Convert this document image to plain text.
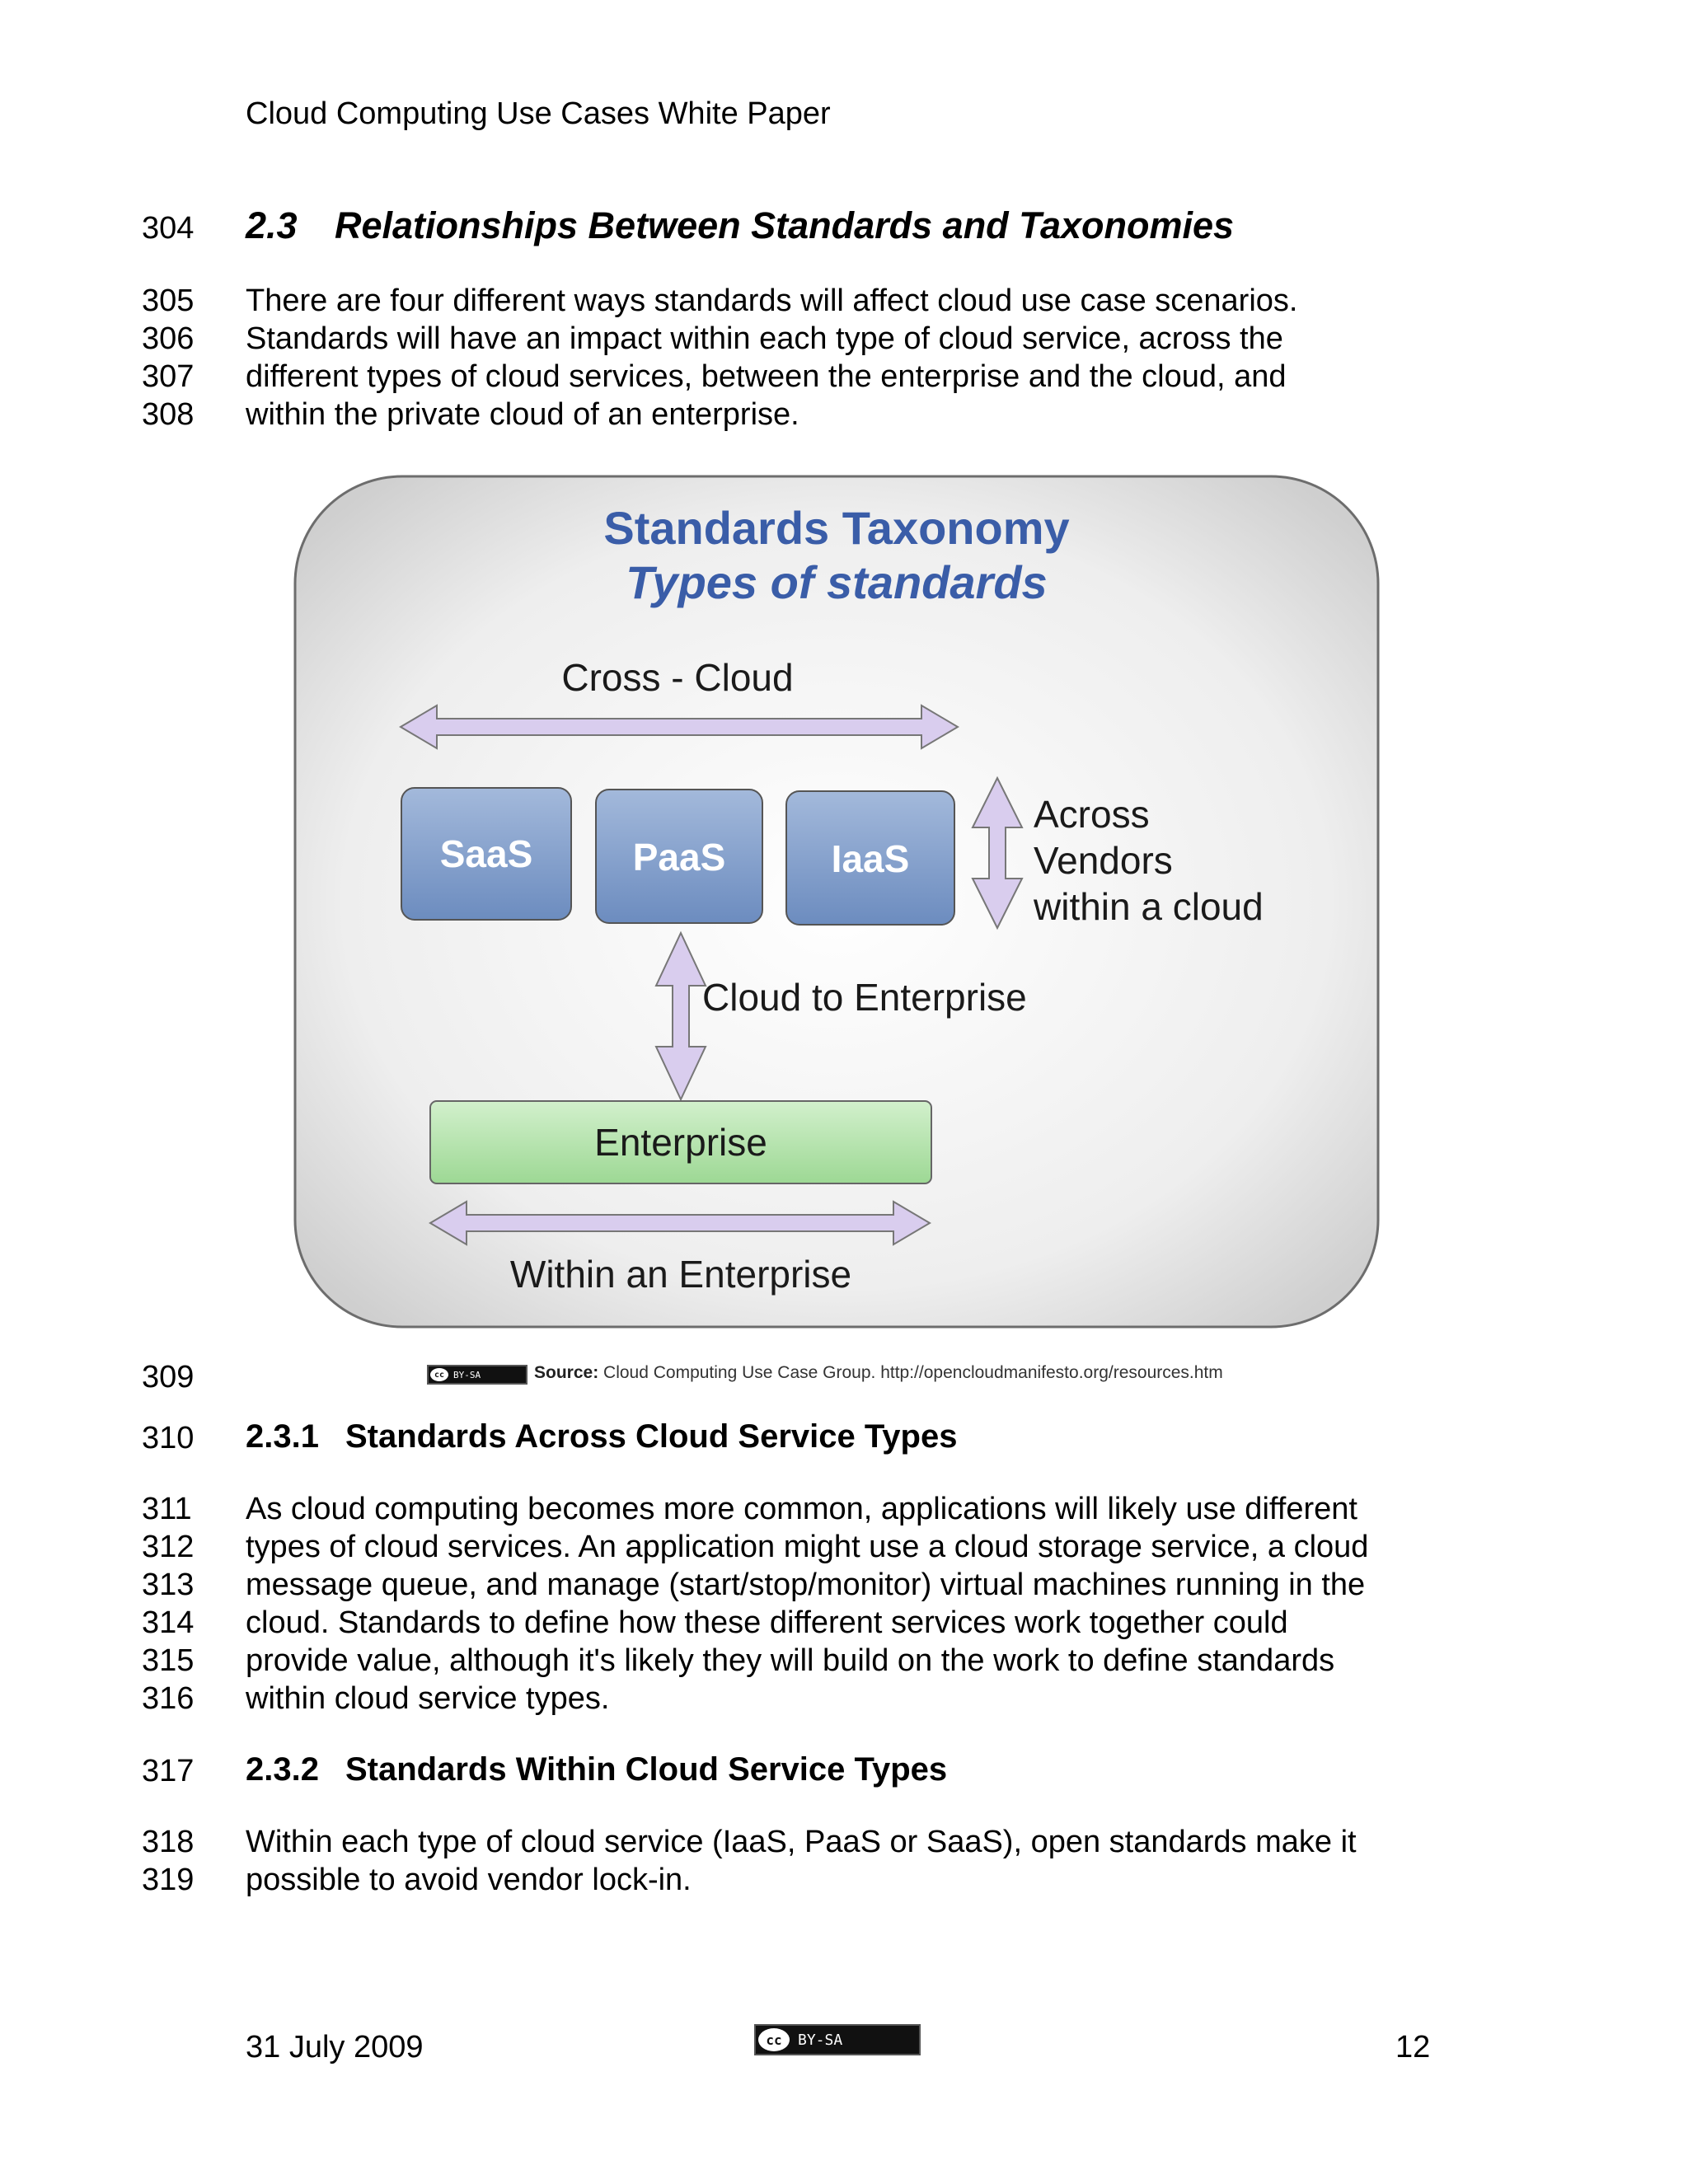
Cloud Computing Use Cases White Paper
304 2.3 Relationships Between Standards and Taxonomies
305 There are four different ways standards will affect cloud use case scenarios.
306 Standards will have an impact within each type of cloud service, across the
307 different types of cloud services, between the enterprise and the cloud, and
308 within the private cloud of an enterprise.
Standards Taxonomy
Types of standards
Cross - Cloud
SaaS	PaaS	IaaS
Across
Vendors
within a cloud
Cloud to Enterprise
Enterprise
Within an Enterprise
309	cc BY-SA	Source: Cloud Computing Use Case Group. http://opencloudmanifesto.org/resources.htm
310 2.3.1 Standards Across Cloud Service Types
311 As cloud computing becomes more common, applications will likely use different
312 types of cloud services. An application might use a cloud storage service, a cloud
313 message queue, and manage (start/stop/monitor) virtual machines running in the
314 cloud. Standards to define how these different services work together could
315 provide value, although it's likely they will build on the work to define standards
316 within cloud service types.
317 2.3.2 Standards Within Cloud Service Types
318 Within each type of cloud service (IaaS, PaaS or SaaS), open standards make it
319 possible to avoid vendor lock-in.
31 July 2009	cc	BY-SA	12
